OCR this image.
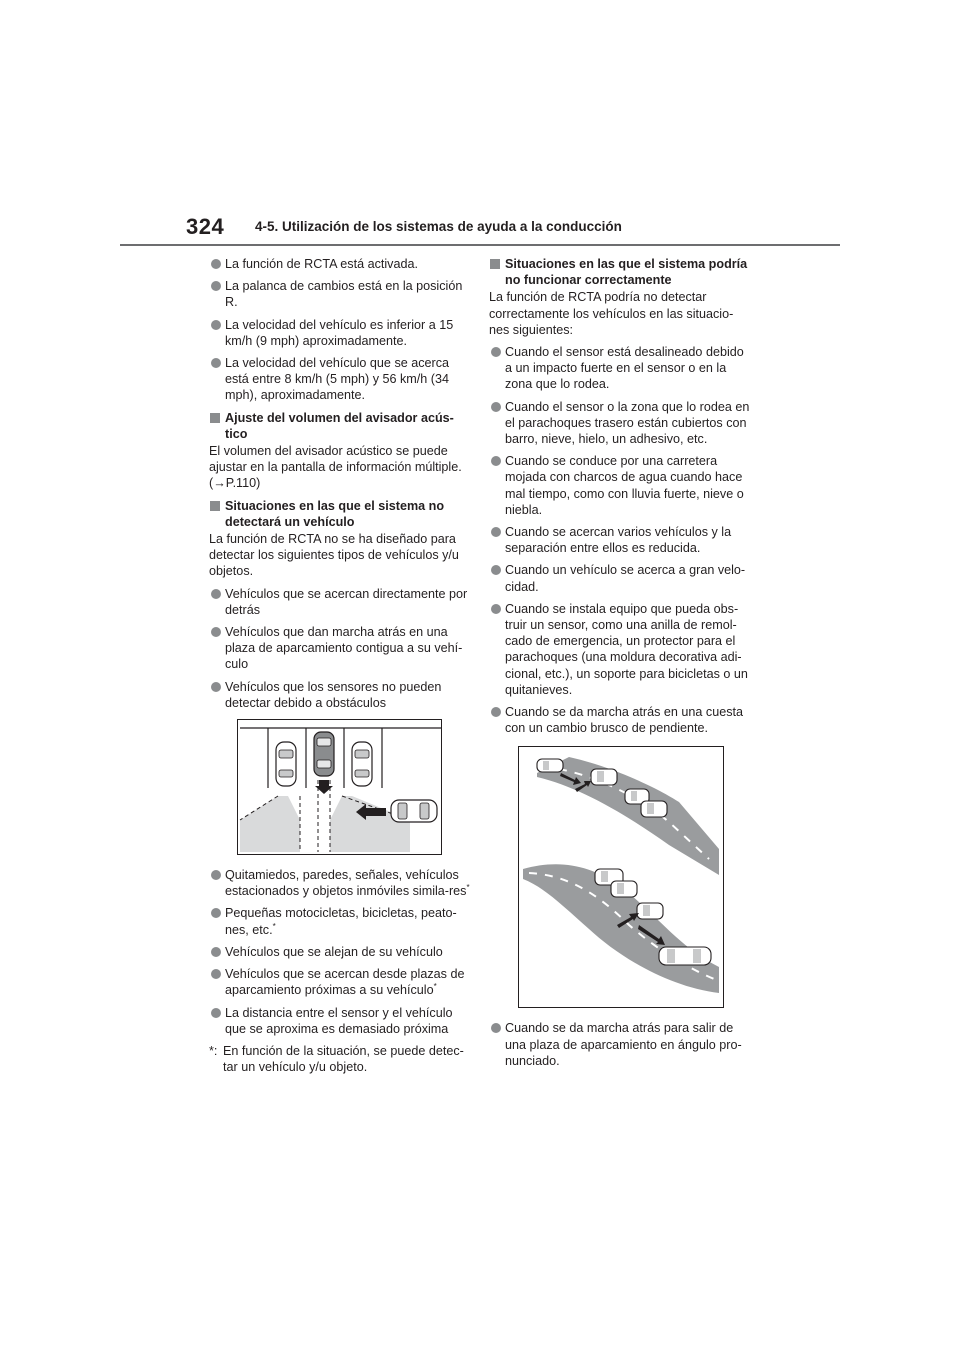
324 4-5. Utilización de los sistemas de ayuda a la conducción
La función de RCTA está activada.
La palanca de cambios está en la posición R.
La velocidad del vehículo es inferior a 15 km/h (9 mph) aproximadamente.
La velocidad del vehículo que se acerca está entre 8 km/h (5 mph) y 56 km/h (34 mph), aproximadamente.
Ajuste del volumen del avisador acús-tico
El volumen del avisador acústico se puede ajustar en la pantalla de información múltiple. (→P.110)
Situaciones en las que el sistema no detectará un vehículo
La función de RCTA no se ha diseñado para detectar los siguientes tipos de vehículos y/u objetos.
Vehículos que se acercan directamente por detrás
Vehículos que dan marcha atrás en una plaza de aparcamiento contigua a su vehí-culo
Vehículos que los sensores no pueden detectar debido a obstáculos
Quitamiedos, paredes, señales, vehículos estacionados y objetos inmóviles simila-res*
Pequeñas motocicletas, bicicletas, peato-nes, etc.*
Vehículos que se alejan de su vehículo
Vehículos que se acercan desde plazas de aparcamiento próximas a su vehículo*
La distancia entre el sensor y el vehículo que se aproxima es demasiado próxima
*: En función de la situación, se puede detec-tar un vehículo y/u objeto.
Situaciones en las que el sistema podría no funcionar correctamente
La función de RCTA podría no detectar correctamente los vehículos en las situacio-nes siguientes:
Cuando el sensor está desalineado debido a un impacto fuerte en el sensor o en la zona que lo rodea.
Cuando el sensor o la zona que lo rodea en el parachoques trasero están cubiertos con barro, nieve, hielo, un adhesivo, etc.
Cuando se conduce por una carretera mojada con charcos de agua cuando hace mal tiempo, como con lluvia fuerte, nieve o niebla.
Cuando se acercan varios vehículos y la separación entre ellos es reducida.
Cuando un vehículo se acerca a gran velo-cidad.
Cuando se instala equipo que pueda obs-truir un sensor, como una anilla de remol-cado de emergencia, un protector para el parachoques (una moldura decorativa adi-cional, etc.), un soporte para bicicletas o un quitanieves.
Cuando se da marcha atrás en una cuesta con un cambio brusco de pendiente.
Cuando se da marcha atrás para salir de una plaza de aparcamiento en ángulo pro-nunciado.
